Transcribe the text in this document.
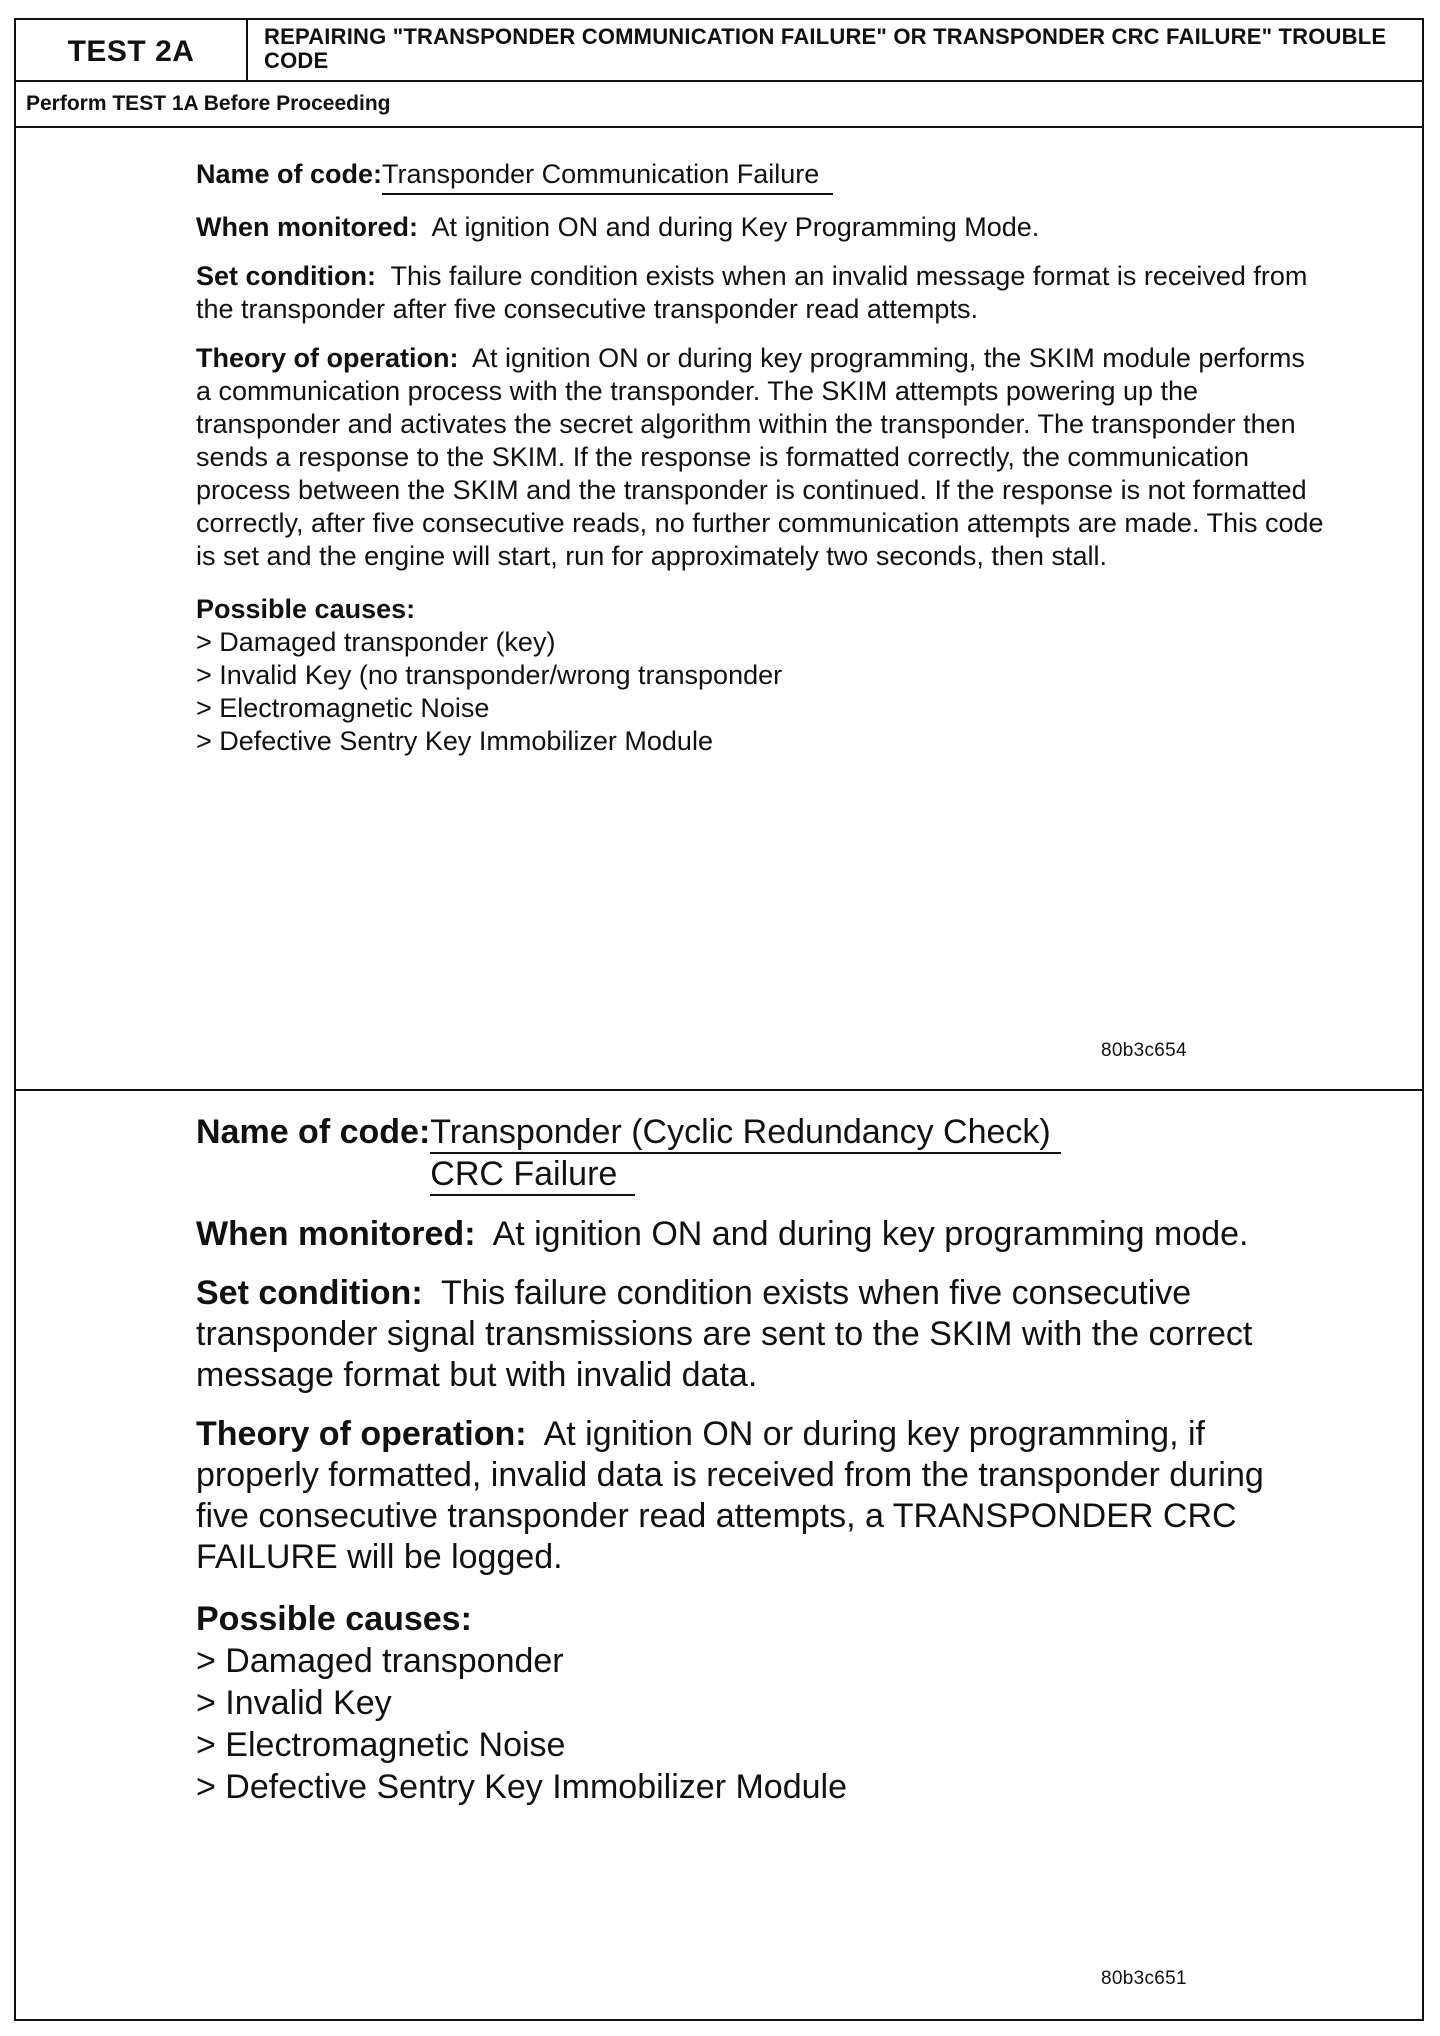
TEST 2A	REPAIRING "TRANSPONDER COMMUNICATION FAILURE" OR TRANSPONDER CRC FAILURE" TROUBLE CODE
Perform TEST 1A Before Proceeding

Name of code: Transponder Communication Failure

When monitored: At ignition ON and during Key Programming Mode.

Set condition: This failure condition exists when an invalid message format is received from the transponder after five consecutive transponder read attempts.

Theory of operation: At ignition ON or during key programming, the SKIM module performs a communication process with the transponder. The SKIM attempts powering up the transponder and activates the secret algorithm within the transponder. The transponder then sends a response to the SKIM. If the response is formatted correctly, the communication process between the SKIM and the transponder is continued. If the response is not formatted correctly, after five consecutive reads, no further communication attempts are made. This code is set and the engine will start, run for approximately two seconds, then stall.

Possible causes:

> Damaged transponder (key)

> Invalid Key (no transponder/wrong transponder

> Electromagnetic Noise

> Defective Sentry Key Immobilizer Module

80b3c654

Name of code: Transponder (Cyclic Redundancy Check)
CRC Failure

When monitored: At ignition ON and during key programming mode.

Set condition: This failure condition exists when five consecutive transponder signal transmissions are sent to the SKIM with the correct message format but with invalid data.

Theory of operation: At ignition ON or during key programming, if properly formatted, invalid data is received from the transponder during five consecutive transponder read attempts, a TRANSPONDER CRC FAILURE will be logged.

Possible causes:

> Damaged transponder

> Invalid Key

> Electromagnetic Noise

> Defective Sentry Key Immobilizer Module

80b3c651
